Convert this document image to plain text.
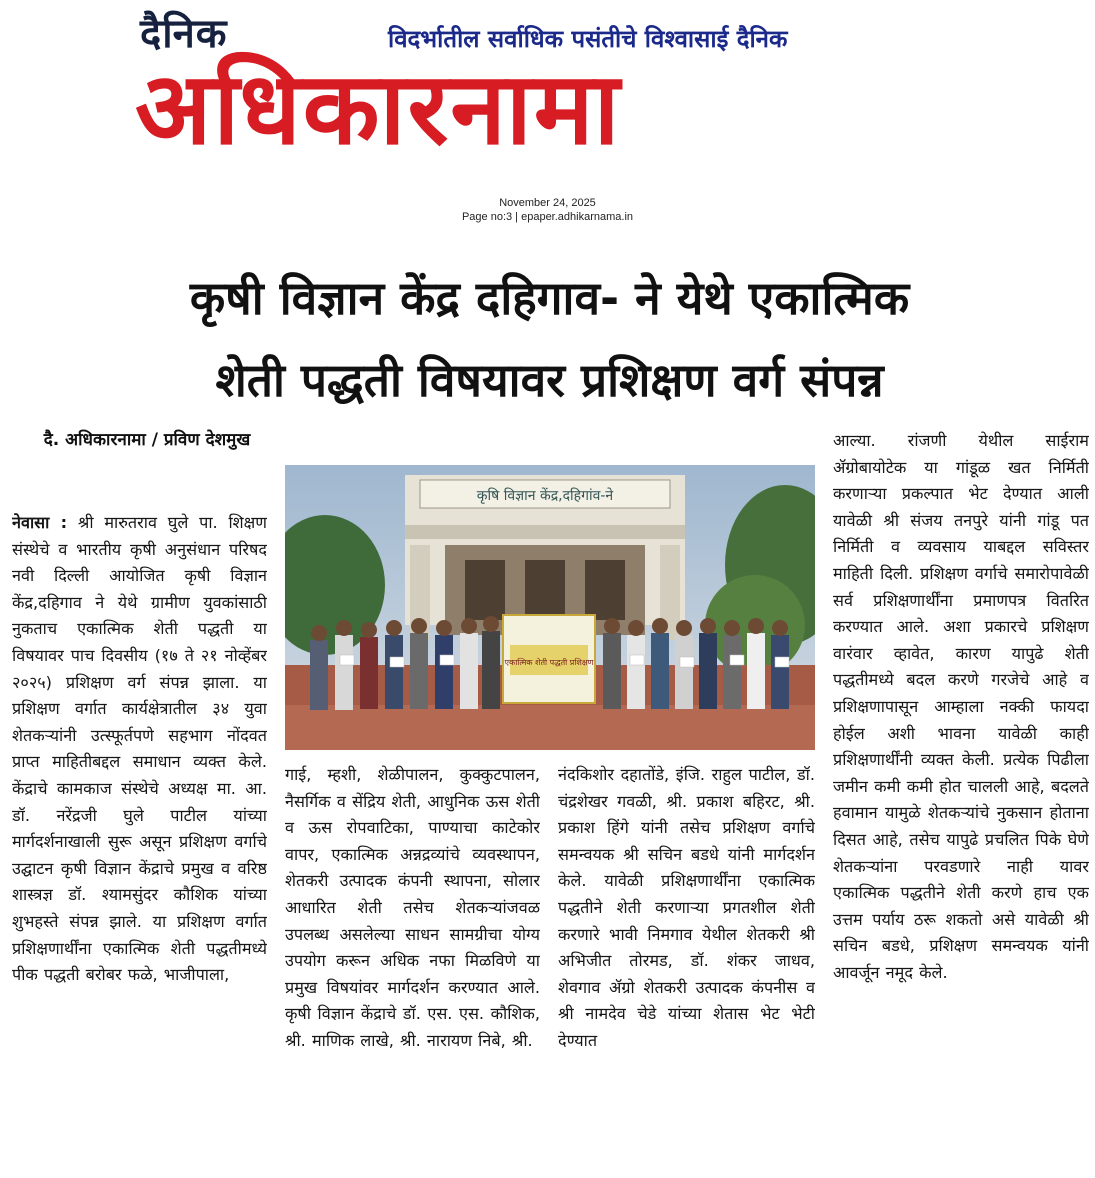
दैनिक	विदर्भातील सर्वाधिक पसंतीचे विश्वासाई दैनिक
अधिकारनामा
November 24, 2025
Page no:3 | epaper.adhikarnama.in
कृषी विज्ञान केंद्र दहिगाव- ने येथे एकात्मिक
शेती पद्धती विषयावर प्रशिक्षण वर्ग संपन्न
दै. अधिकारनामा / प्रविण देशमुख
नेवासा : श्री मारुतराव घुले पा. शिक्षण संस्थेचे व भारतीय कृषी अनुसंधान परिषद नवी दिल्ली आयोजित कृषी विज्ञान केंद्र,दहिगाव ने येथे ग्रामीण युवकांसाठी नुकताच एकात्मिक शेती पद्धती या विषयावर पाच दिवसीय (१७ ते २१ नोव्हेंबर २०२५) प्रशिक्षण वर्ग संपन्न झाला. या प्रशिक्षण वर्गात कार्यक्षेत्रातील ३४ युवा शेतकऱ्यांनी उत्स्फूर्तपणे सहभाग नोंदवत प्राप्त माहितीबद्दल समाधान व्यक्त केले. केंद्राचे कामकाज संस्थेचे अध्यक्ष मा. आ. डॉ. नरेंद्रजी घुले पाटील यांच्या मार्गदर्शनाखाली सुरू असून प्रशिक्षण वर्गाचे उद्घाटन कृषी विज्ञान केंद्राचे प्रमुख व वरिष्ठ शास्त्रज्ञ डॉ. श्यामसुंदर कौशिक यांच्या शुभहस्ते संपन्न झाले. या प्रशिक्षण वर्गात प्रशिक्षणार्थींना एकात्मिक शेती पद्धतीमध्ये पीक पद्धती बरोबर फळे, भाजीपाला,
कृषि विज्ञान केंद्र,दहिगांव-ने
एकात्मिक शेती पद्धती प्रशिक्षण
गाई, म्हशी, शेळीपालन, कुक्कुटपालन, नैसर्गिक व सेंद्रिय शेती, आधुनिक ऊस शेती व ऊस रोपवाटिका, पाण्याचा काटेकोर वापर, एकात्मिक अन्नद्रव्यांचे व्यवस्थापन, शेतकरी उत्पादक कंपनी स्थापना, सोलार आधारित शेती तसेच शेतकऱ्यांजवळ उपलब्ध असलेल्या साधन सामग्रीचा योग्य उपयोग करून अधिक नफा मिळविणे या प्रमुख विषयांवर मार्गदर्शन करण्यात आले. कृषी विज्ञान केंद्राचे डॉ. एस. एस. कौशिक, श्री. माणिक लाखे, श्री. नारायण निबे, श्री.
नंदकिशोर दहातोंडे, इंजि. राहुल पाटील, डॉ. चंद्रशेखर गवळी, श्री. प्रकाश बहिरट, श्री. प्रकाश हिंगे यांनी तसेच प्रशिक्षण वर्गाचे समन्वयक श्री सचिन बडधे यांनी मार्गदर्शन केले. यावेळी प्रशिक्षणार्थींना एकात्मिक पद्धतीने शेती करणाऱ्या प्रगतशील शेती करणारे भावी निमगाव येथील शेतकरी श्री अभिजीत तोरमड, डॉ. शंकर जाधव, शेवगाव ॲग्रो शेतकरी उत्पादक कंपनीस व श्री नामदेव चेडे यांच्या शेतास भेट भेटी देण्यात
आल्या. रांजणी येथील साईराम ॲग्रोबायोटेक या गांडूळ खत निर्मिती करणाऱ्या प्रकल्पात भेट देण्यात आली यावेळी श्री संजय तनपुरे यांनी गांडू पत निर्मिती व व्यवसाय याबद्दल सविस्तर माहिती दिली. प्रशिक्षण वर्गाचे समारोपावेळी सर्व प्रशिक्षणार्थींना प्रमाणपत्र वितरित करण्यात आले. अशा प्रकारचे प्रशिक्षण वारंवार व्हावेत, कारण यापुढे शेती पद्धतीमध्ये बदल करणे गरजेचे आहे व प्रशिक्षणापासून आम्हाला नक्की फायदा होईल अशी भावना यावेळी काही प्रशिक्षणार्थींनी व्यक्त केली. प्रत्येक पिढीला जमीन कमी कमी होत चालली आहे, बदलते हवामान यामुळे शेतकऱ्यांचे नुकसान होताना दिसत आहे, तसेच यापुढे प्रचलित पिके घेणे शेतकऱ्यांना परवडणारे नाही यावर एकात्मिक पद्धतीने शेती करणे हाच एक उत्तम पर्याय ठरू शकतो असे यावेळी श्री सचिन बडधे, प्रशिक्षण समन्वयक यांनी आवर्जून नमूद केले.
